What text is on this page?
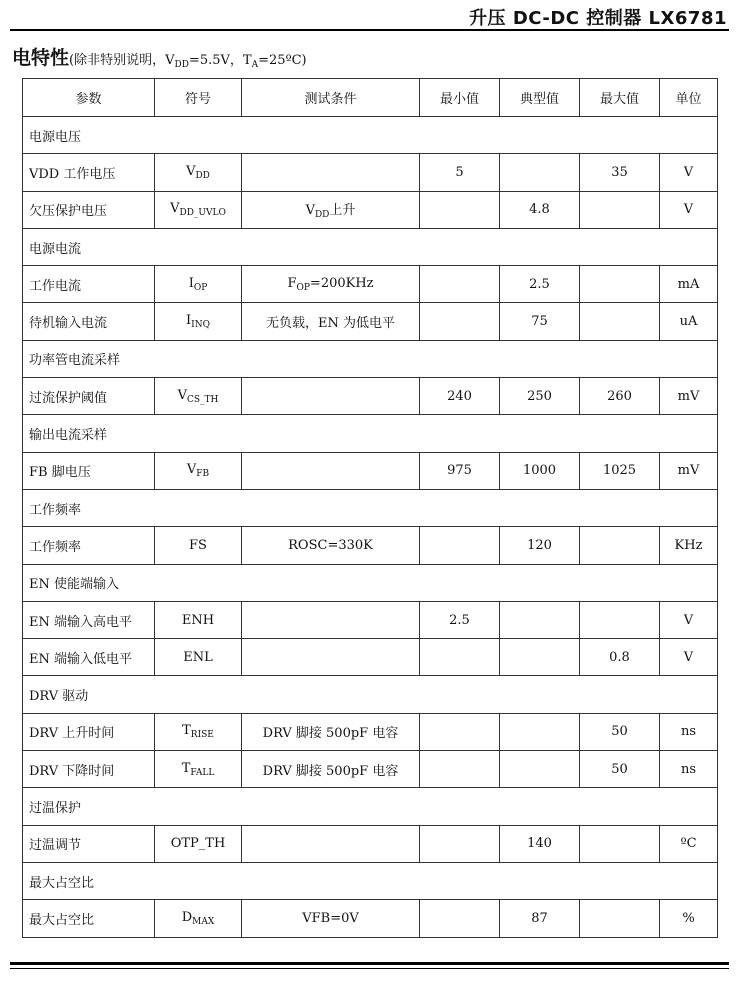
升压 DC-DC 控制器 LX6781
电特性(除非特别说明，$V_{DD}=5.5V$，$T_A=25ºC$)
参数	符号	测试条件	最小值	典型值	最大值	单位
电源电压						
VDD 工作电压	$V_{DD}$		5		35	V
欠压保护电压	$V_{DD\_UVLO}$	$V_{DD}$上升		4.8		V
电源电流						
工作电流	$I_{OP}$	$F_{OP}=200KHz$		2.5		mA
待机输入电流	$I_{INQ}$	无负载，EN 为低电平		75		uA
功率管电流采样						
过流保护阈值	$V_{CS\_TH}$		240	250	260	mV
输出电流采样						
FB 脚电压	$V_{FB}$		975	1000	1025	mV
工作频率						
工作频率	FS	ROSC=330K		120		KHz
EN 使能端输入						
EN 端输入高电平	ENH		2.5			V
EN 端输入低电平	ENL				0.8	V
DRV 驱动						
DRV 上升时间	$T_{RISE}$	DRV 脚接 500pF 电容			50	ns
DRV 下降时间	$T_{FALL}$	DRV 脚接 500pF 电容			50	ns
过温保护						
过温调节	OTP_TH			140		ºC
最大占空比						
最大占空比	$D_{MAX}$	VFB=0V		87		%
